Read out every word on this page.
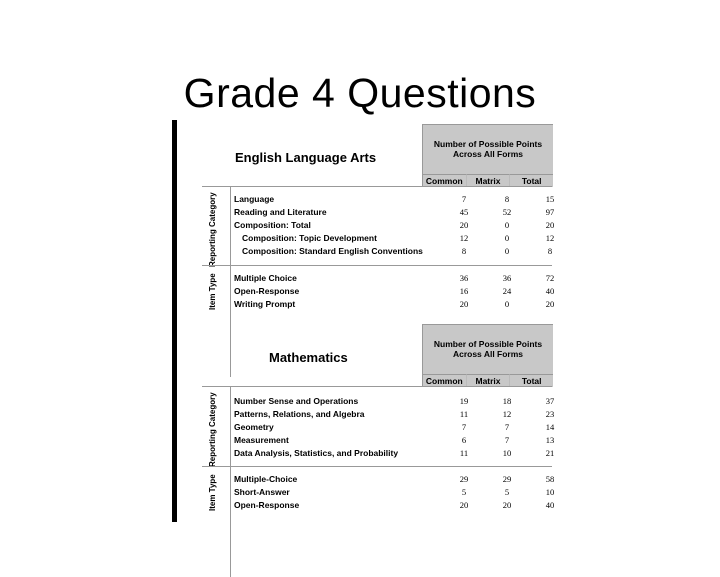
Grade 4 Questions
English Language Arts
Number of Possible Points
Across All Forms
Common	Matrix	Total
Reporting Category Language	7	8	15
Reading and Literature	45	52	97
Composition: Total	20	0	20
Composition: Topic Development	12	0	12
Composition: Standard English Conventions	8	0	8
Item Type Multiple Choice	36	36	72
Open-Response	16	24	40
Writing Prompt	20	0	20
Mathematics
Number of Possible Points
Across All Forms
Common	Matrix	Total
Reporting Category Number Sense and Operations	19	18	37
Patterns, Relations, and Algebra	11	12	23
Geometry	7	7	14
Measurement	6	7	13
Data Analysis, Statistics, and Probability	11	10	21
Item Type Multiple-Choice	29	29	58
Short-Answer	5	5	10
Open-Response	20	20	40
